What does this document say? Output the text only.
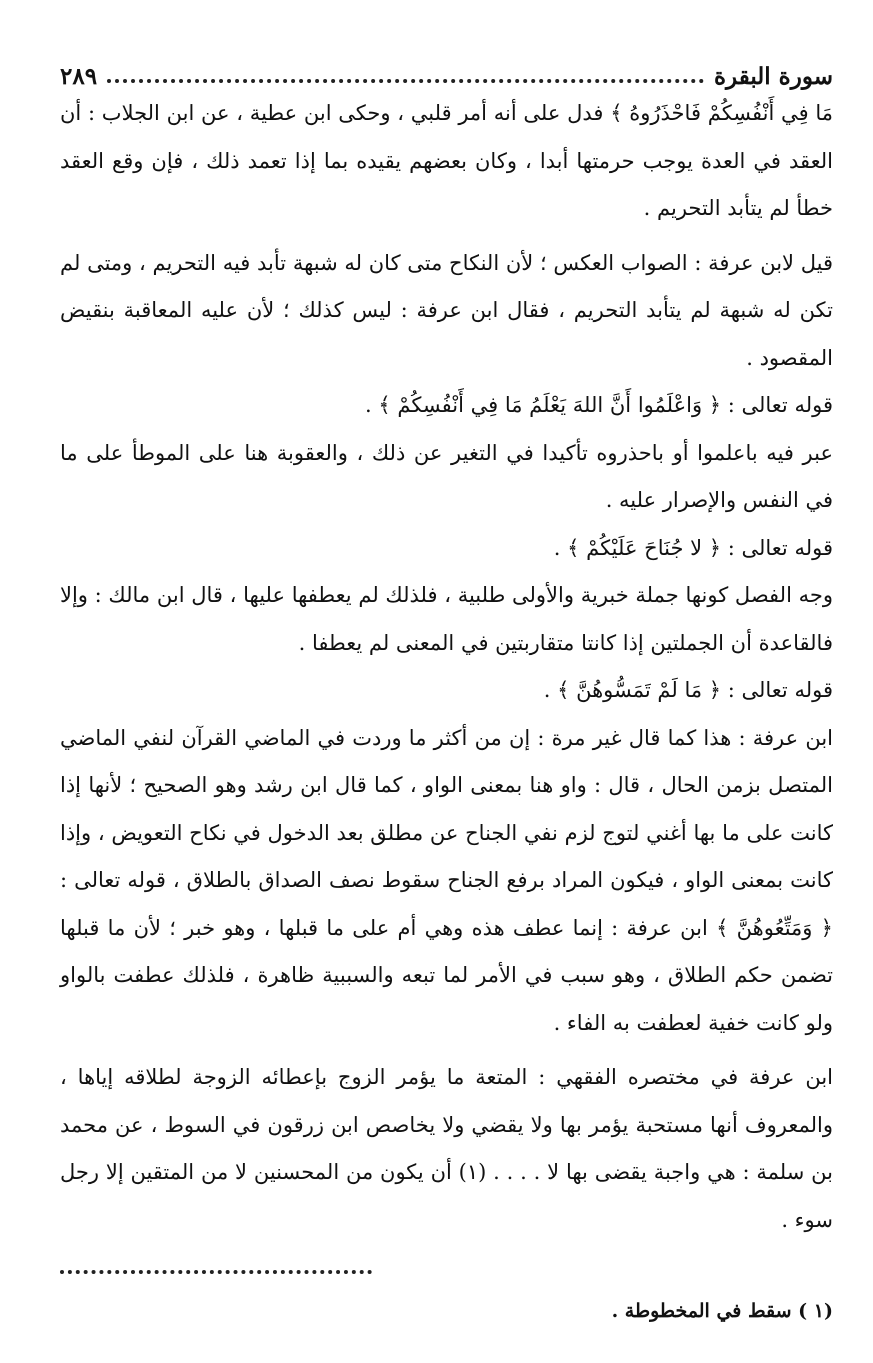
سورة البقرة
٢٨٩

مَا فِي أَنْفُسِكُمْ فَاحْذَرُوهُ ﴾ فدل على أنه أمر قلبي ، وحكى ابن عطية ، عن ابن الجلاب : أن العقد في العدة يوجب حرمتها أبدا ، وكان بعضهم يقيده بما إذا تعمد ذلك ، فإن وقع العقد خطأ لم يتأبد التحريم .

قيل لابن عرفة : الصواب العكس ؛ لأن النكاح متى كان له شبهة تأبد فيه التحريم ، ومتى لم تكن له شبهة لم يتأبد التحريم ، فقال ابن عرفة : ليس كذلك ؛ لأن عليه المعاقبة بنقيض المقصود .

قوله تعالى : ﴿ وَاعْلَمُوا أَنَّ اللهَ يَعْلَمُ مَا فِي أَنْفُسِكُمْ ﴾ .

عبر فيه باعلموا أو باحذروه تأكيدا في التغير عن ذلك ، والعقوبة هنا على الموطأ على ما في النفس والإصرار عليه .

قوله تعالى : ﴿ لا جُنَاحَ عَلَيْكُمْ ﴾ .

وجه الفصل كونها جملة خبرية والأولى طلبية ، فلذلك لم يعطفها عليها ، قال ابن مالك : وإلا فالقاعدة أن الجملتين إذا كانتا متقاربتين في المعنى لم يعطفا .

قوله تعالى : ﴿ مَا لَمْ تَمَسُّوهُنَّ ﴾ .

ابن عرفة : هذا كما قال غير مرة : إن من أكثر ما وردت في الماضي القرآن لنفي الماضي المتصل بزمن الحال ، قال : واو هنا بمعنى الواو ، كما قال ابن رشد وهو الصحيح ؛ لأنها إذا كانت على ما بها أغني لتوج لزم نفي الجناح عن مطلق بعد الدخول في نكاح التعويض ، وإذا كانت بمعنى الواو ، فيكون المراد برفع الجناح سقوط نصف الصداق بالطلاق ، قوله تعالى : ﴿ وَمَتِّعُوهُنَّ ﴾ ابن عرفة : إنما عطف هذه وهي أم على ما قبلها ، وهو خبر ؛ لأن ما قبلها تضمن حكم الطلاق ، وهو سبب في الأمر لما تبعه والسببية ظاهرة ، فلذلك عطفت بالواو ولو كانت خفية لعطفت به الفاء .

ابن عرفة في مختصره الفقهي : المتعة ما يؤمر الزوج بإعطائه الزوجة لطلاقه إياها ، والمعروف أنها مستحبة يؤمر بها ولا يقضي ولا يخاصص ابن زرقون في السوط ، عن محمد بن سلمة : هي واجبة يقضى بها لا . . . . (١) أن يكون من المحسنين لا من المتقين إلا رجل سوء .

(١ ) سقط في المخطوطة .
